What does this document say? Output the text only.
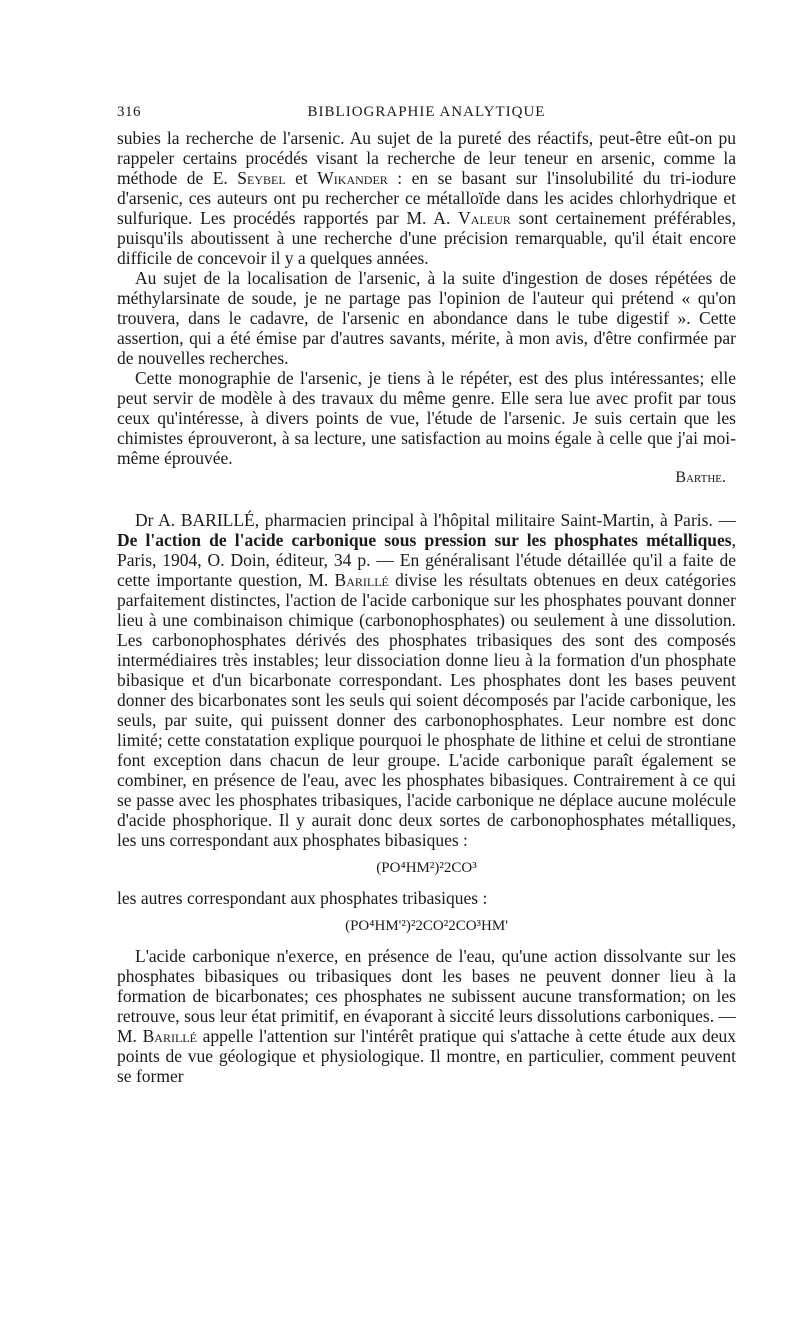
316	BIBLIOGRAPHIE ANALYTIQUE

subies la recherche de l'arsenic. Au sujet de la pureté des réactifs, peut-être eût-on pu rappeler certains procédés visant la recherche de leur teneur en arsenic, comme la méthode de E. Seybel et Wikander : en se basant sur l'insolubilité du tri-iodure d'arsenic, ces auteurs ont pu rechercher ce métalloïde dans les acides chlorhydrique et sulfurique. Les procédés rapportés par M. A. Valeur sont certainement préférables, puisqu'ils aboutissent à une recherche d'une précision remarquable, qu'il était encore difficile de concevoir il y a quelques années.

Au sujet de la localisation de l'arsenic, à la suite d'ingestion de doses répétées de méthylarsinate de soude, je ne partage pas l'opinion de l'auteur qui prétend « qu'on trouvera, dans le cadavre, de l'arsenic en abondance dans le tube digestif ». Cette assertion, qui a été émise par d'autres savants, mérite, à mon avis, d'être confirmée par de nouvelles recherches.

Cette monographie de l'arsenic, je tiens à le répéter, est des plus intéressantes; elle peut servir de modèle à des travaux du même genre. Elle sera lue avec profit par tous ceux qu'intéresse, à divers points de vue, l'étude de l'arsenic. Je suis certain que les chimistes éprouveront, à sa lecture, une satisfaction au moins égale à celle que j'ai moi-même éprouvée.

Barthe.

Dr A. BARILLÉ, pharmacien principal à l'hôpital militaire Saint-Martin, à Paris. — De l'action de l'acide carbonique sous pression sur les phosphates métalliques, Paris, 1904, O. Doin, éditeur, 34 p. — En généralisant l'étude détaillée qu'il a faite de cette importante question, M. Barillé divise les résultats obtenues en deux catégories parfaitement distinctes, l'action de l'acide carbonique sur les phosphates pouvant donner lieu à une combinaison chimique (carbonophosphates) ou seulement à une dissolution. Les carbonophosphates dérivés des phosphates tribasiques des sont des composés intermédiaires très instables; leur dissociation donne lieu à la formation d'un phosphate bibasique et d'un bicarbonate correspondant. Les phosphates dont les bases peuvent donner des bicarbonates sont les seuls qui soient décomposés par l'acide carbonique, les seuls, par suite, qui puissent donner des carbonophosphates. Leur nombre est donc limité; cette constatation explique pourquoi le phosphate de lithine et celui de strontiane font exception dans chacun de leur groupe. L'acide carbonique paraît également se combiner, en présence de l'eau, avec les phosphates bibasiques. Contrairement à ce qui se passe avec les phosphates tribasiques, l'acide carbonique ne déplace aucune molécule d'acide phosphorique. Il y aurait donc deux sortes de carbonophosphates métalliques, les uns correspondant aux phosphates bibasiques :

(PO⁴HM²)²2CO³

les autres correspondant aux phosphates tribasiques :

(PO⁴HM'²)²2CO²2CO³HM'

L'acide carbonique n'exerce, en présence de l'eau, qu'une action dissolvante sur les phosphates bibasiques ou tribasiques dont les bases ne peuvent donner lieu à la formation de bicarbonates; ces phosphates ne subissent aucune transformation; on les retrouve, sous leur état primitif, en évaporant à siccité leurs dissolutions carboniques. — M. Barillé appelle l'attention sur l'intérêt pratique qui s'attache à cette étude aux deux points de vue géologique et physiologique. Il montre, en particulier, comment peuvent se former
